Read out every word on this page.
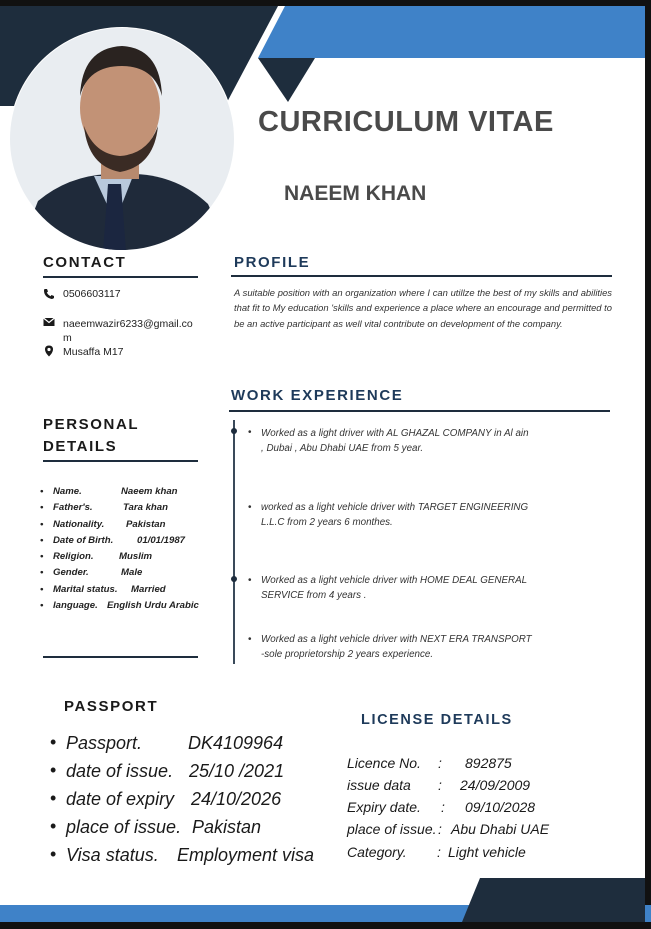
CURRICULUM VITAE
NAEEM KHAN
CONTACT
0506603117
naeemwazir6233@gmail.co
m
Musaffa M17
PROFILE
A suitable position with an organization where I can utillze the best of my skills and abilities that fit to My education 'skills and experience a place where an encourage and permitted to be an active participant as well vital contribute on development of the company.
WORK EXPERIENCE
• Worked as a light driver with AL GHAZAL COMPANY in Al ain
, Dubai , Abu Dhabi UAE from 5 year.
• worked as a light vehicle driver with TARGET ENGINEERING
L.L.C from 2 years 6 monthes.
• Worked as a light vehicle driver with HOME DEAL GENERAL
SERVICE from 4 years .
• Worked as a light vehicle driver with NEXT ERA TRANSPORT
-sole proprietorship 2 years experience.
PERSONAL
DETAILS
• Name.	Naeem khan
• Father's.	Tara khan
• Nationality. Pakistan
• Date of Birth. 01/01/1987
• Religion.	Muslim
• Gender.	Male
• Marital status. Married
• language. English Urdu Arabic
PASSPORT
• Passport.	DK4109964
• date of issue. 25/10 /2021
• date of expiry 24/10/2026
• place of issue. Pakistan
• Visa status. Employment visa
LICENSE DETAILS
Licence No. : 892875
issue data : 24/09/2009
Expiry date. : 09/10/2028
place of issue. : Abu Dhabi UAE
Category. : Light vehicle
